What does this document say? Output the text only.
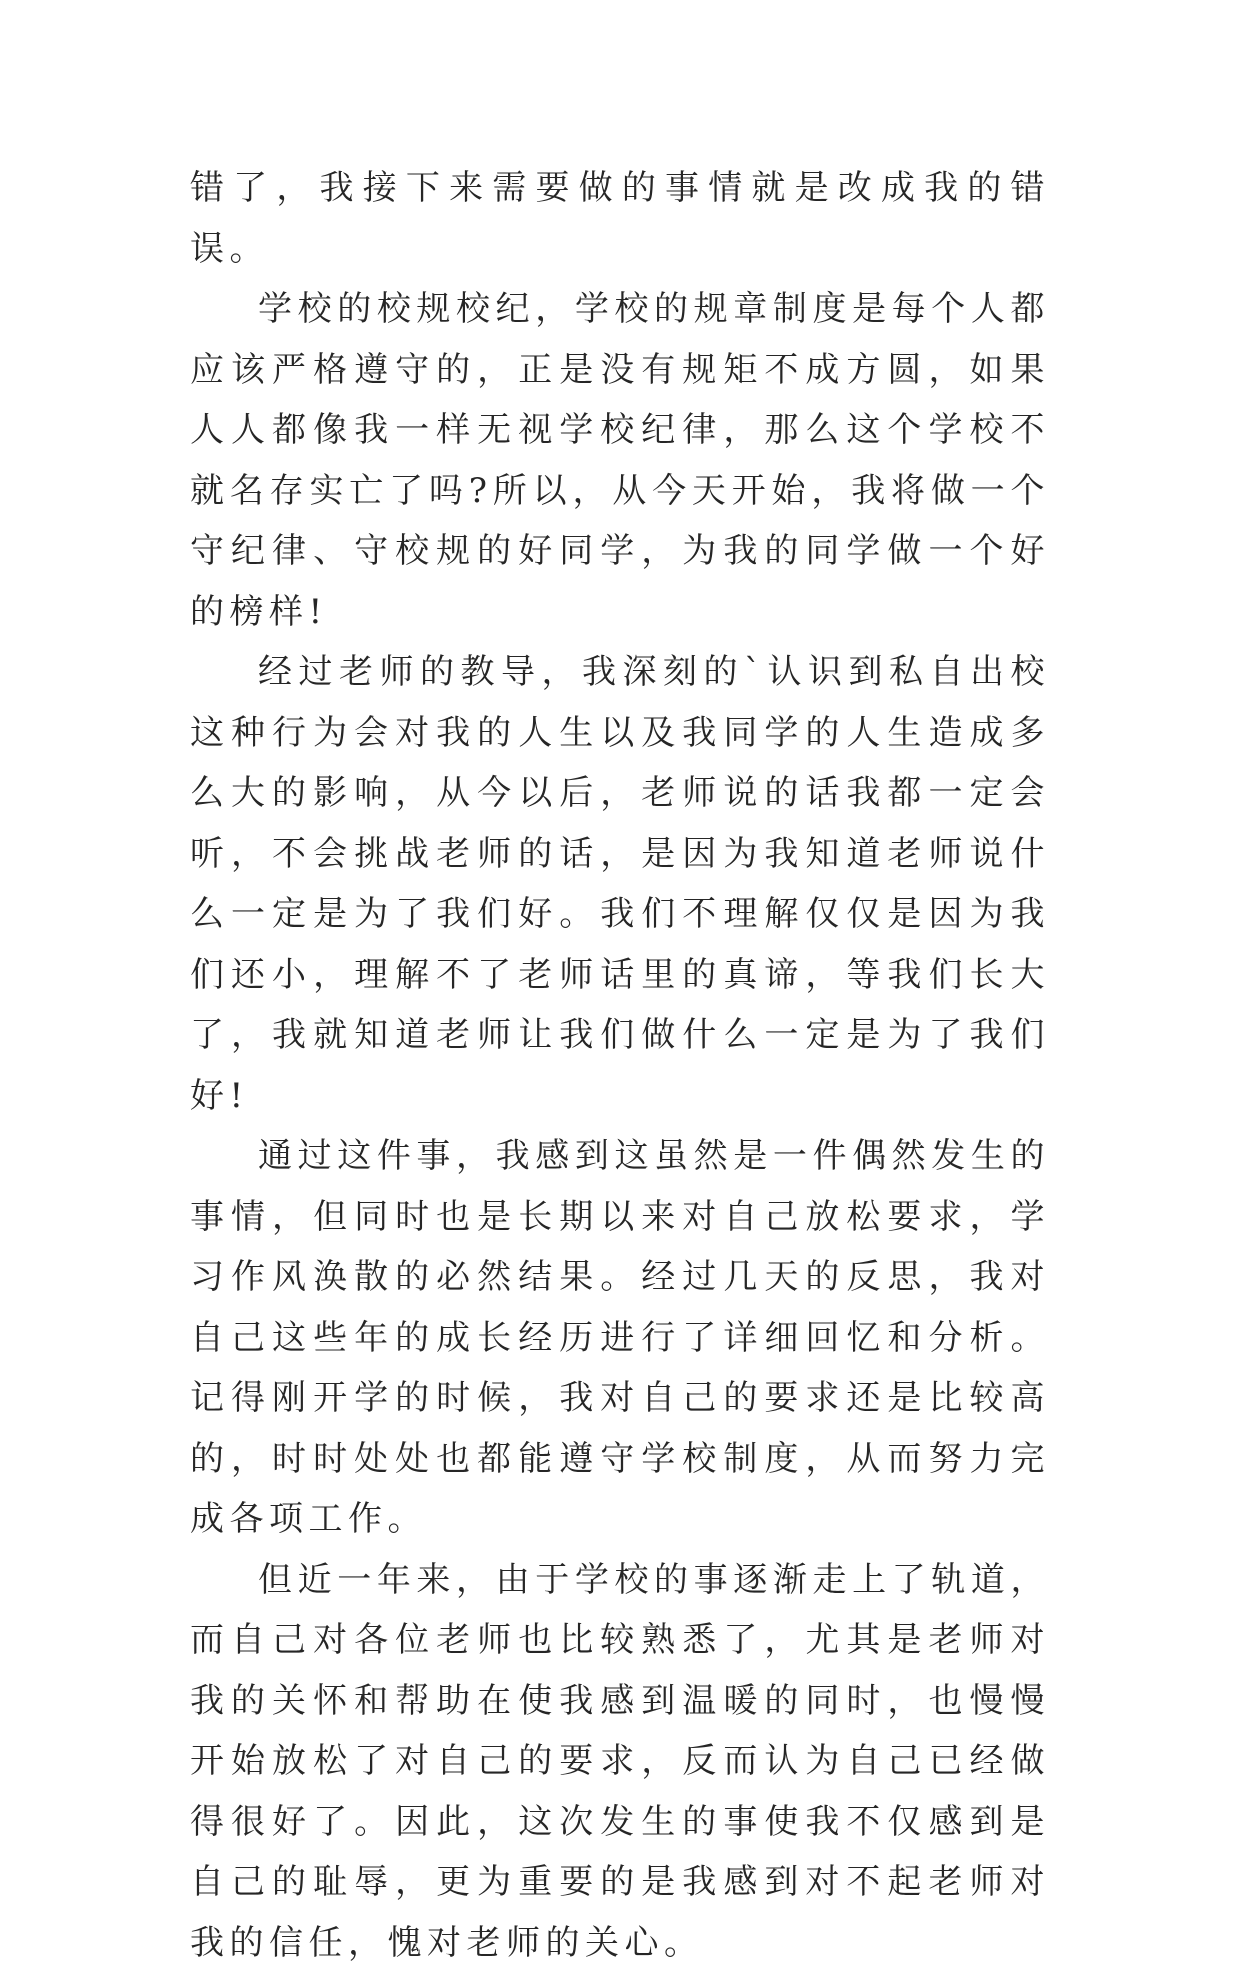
错了，我接下来需要做的事情就是改成我的错误。

学校的校规校纪，学校的规章制度是每个人都应该严格遵守的，正是没有规矩不成方圆，如果人人都像我一样无视学校纪律，那么这个学校不就名存实亡了吗?所以，从今天开始，我将做一个守纪律、守校规的好同学，为我的同学做一个好的榜样!

经过老师的教导，我深刻的`认识到私自出校这种行为会对我的人生以及我同学的人生造成多么大的影响，从今以后，老师说的话我都一定会听，不会挑战老师的话，是因为我知道老师说什么一定是为了我们好。我们不理解仅仅是因为我们还小，理解不了老师话里的真谛，等我们长大了，我就知道老师让我们做什么一定是为了我们好!

通过这件事，我感到这虽然是一件偶然发生的事情，但同时也是长期以来对自己放松要求，学习作风涣散的必然结果。经过几天的反思，我对自己这些年的成长经历进行了详细回忆和分析。记得刚开学的时候，我对自己的要求还是比较高的，时时处处也都能遵守学校制度，从而努力完成各项工作。

但近一年来，由于学校的事逐渐走上了轨道，而自己对各位老师也比较熟悉了，尤其是老师对我的关怀和帮助在使我感到温暖的同时，也慢慢开始放松了对自己的要求，反而认为自己已经做得很好了。因此，这次发生的事使我不仅感到是自己的耻辱，更为重要的是我感到对不起老师对我的信任，愧对老师的关心。
